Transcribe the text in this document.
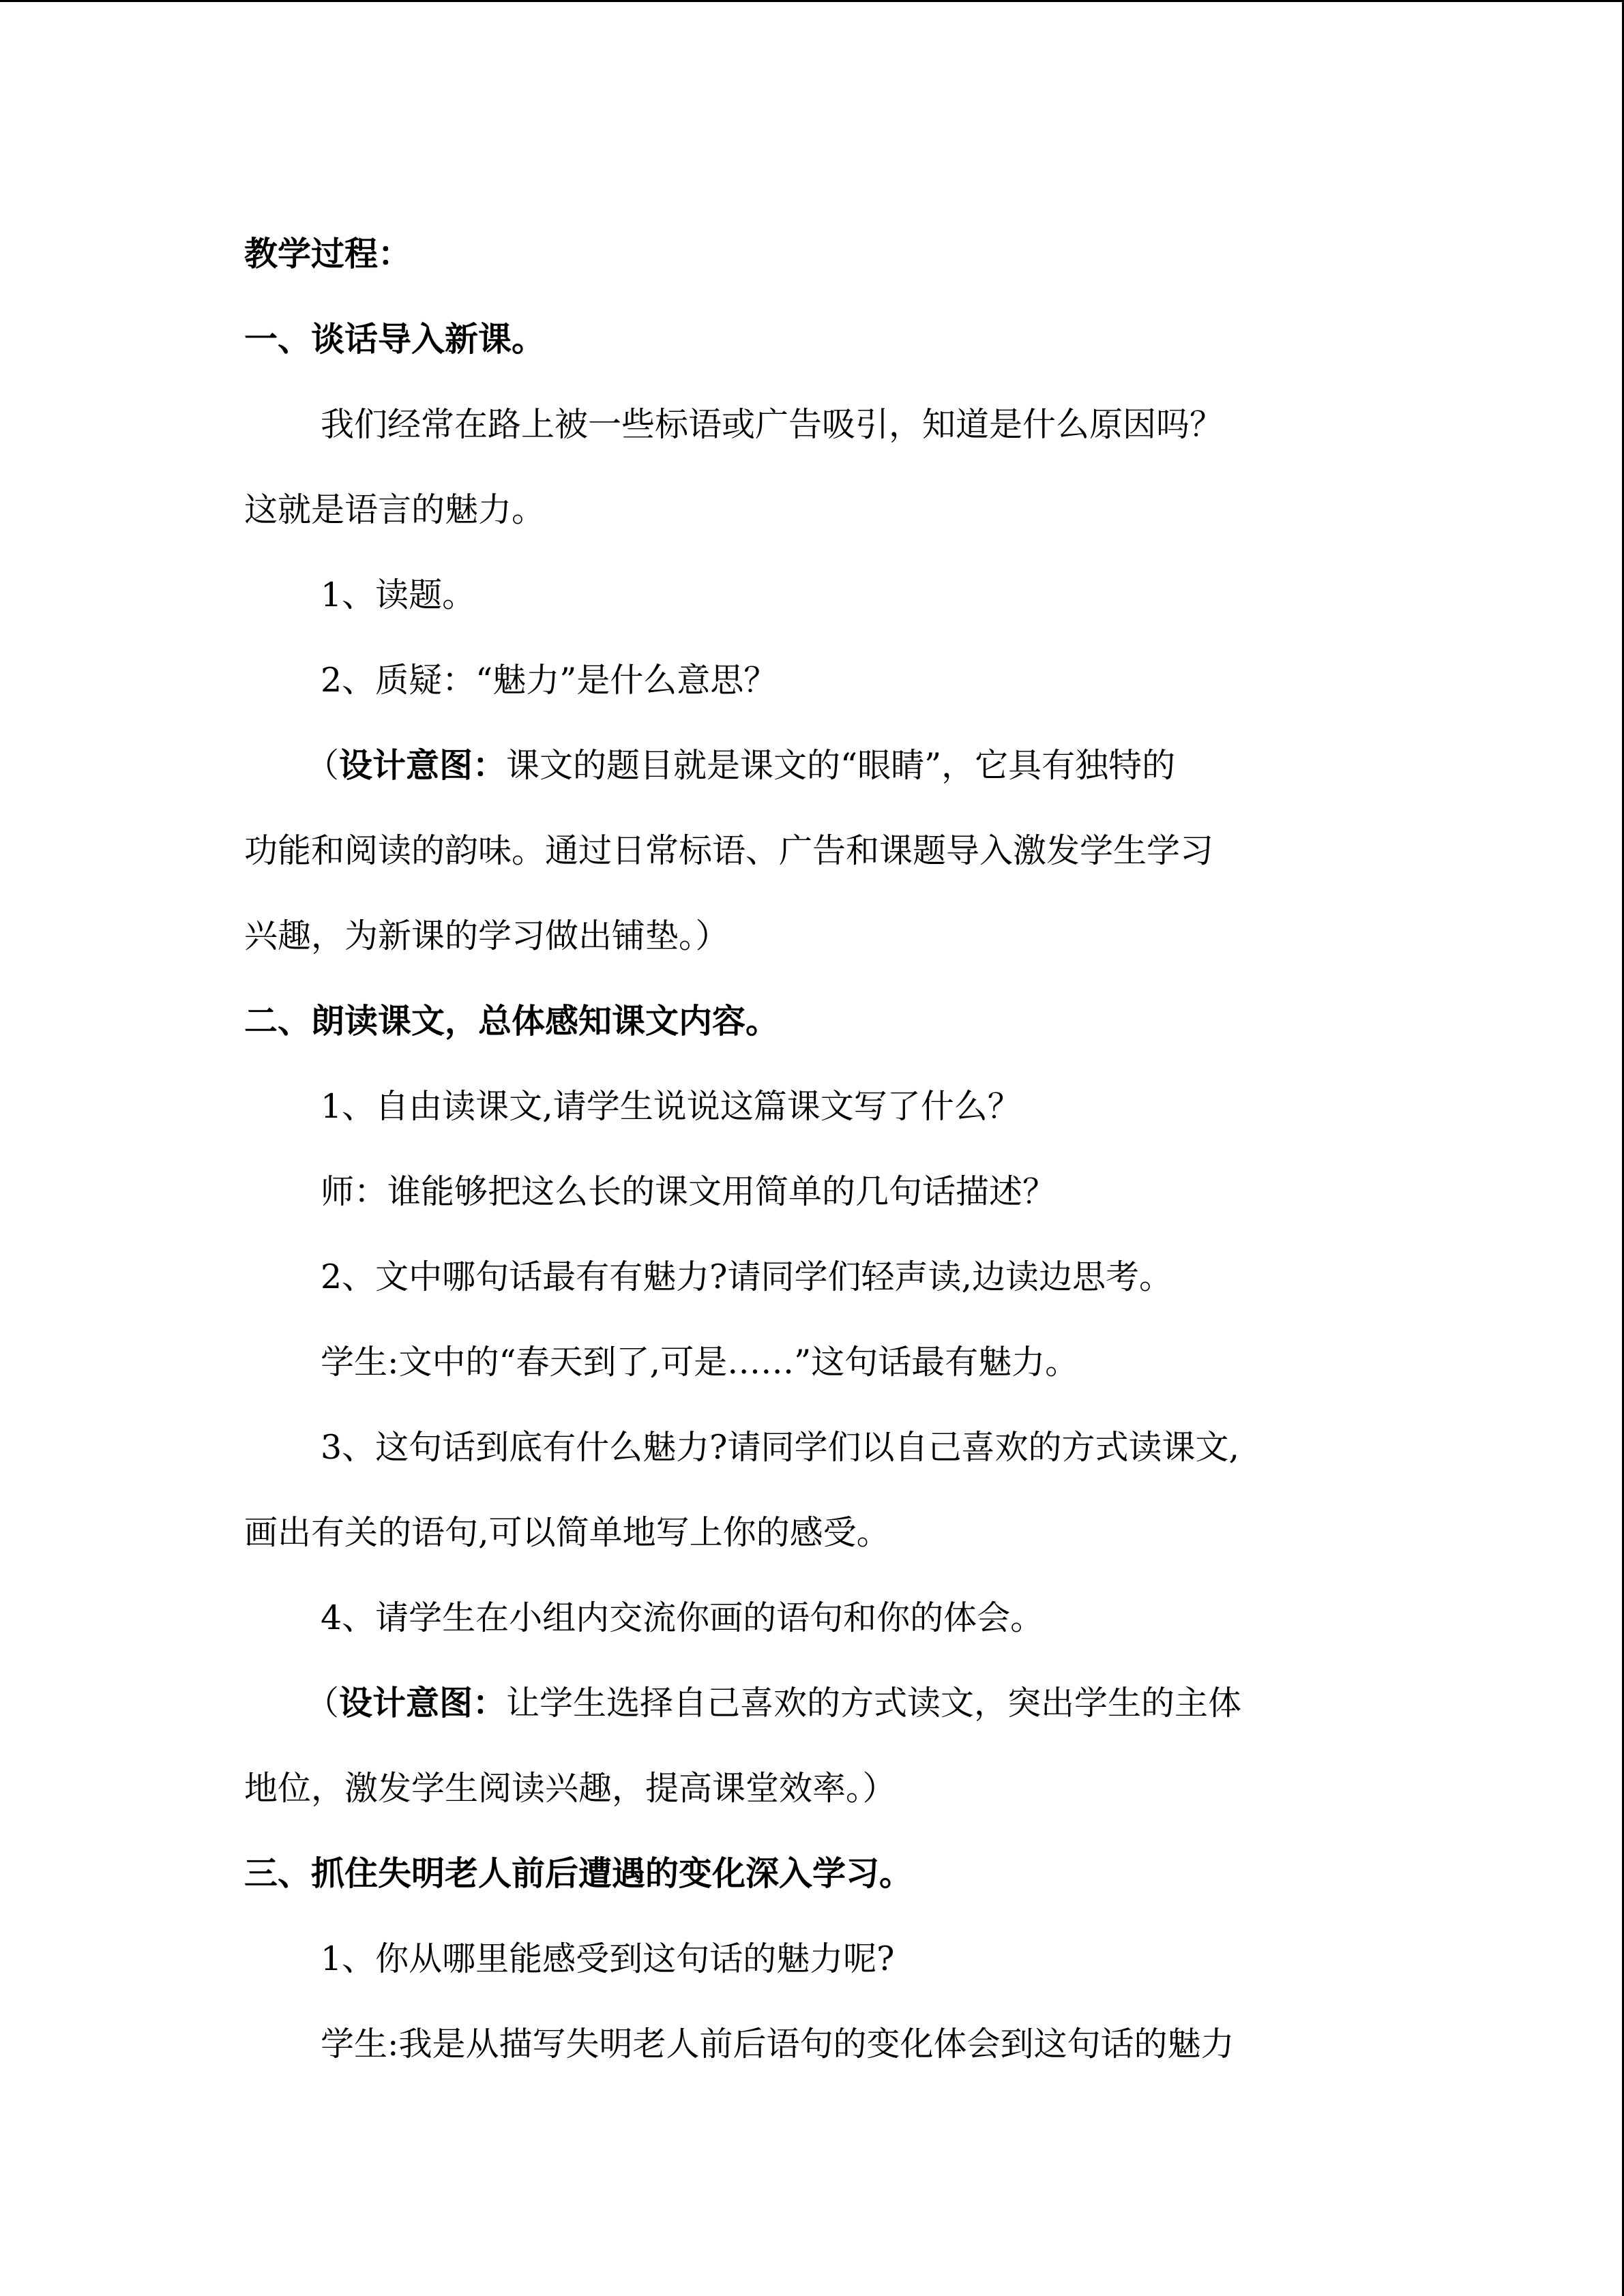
教学过程：
一、谈话导入新课。
我们经常在路上被一些标语或广告吸引，知道是什么原因吗？
这就是语言的魅力。
1、读题。
2、质疑：“魅力”是什么意思？
（设计意图：课文的题目就是课文的“眼睛”，它具有独特的
功能和阅读的韵味。通过日常标语、广告和课题导入激发学生学习
兴趣，为新课的学习做出铺垫。）
二、朗读课文，总体感知课文内容。
1、自由读课文,请学生说说这篇课文写了什么？
师：谁能够把这么长的课文用简单的几句话描述？
2、文中哪句话最有有魅力?请同学们轻声读,边读边思考。
学生:文中的“春天到了,可是……”这句话最有魅力。
3、这句话到底有什么魅力?请同学们以自己喜欢的方式读课文,
画出有关的语句,可以简单地写上你的感受。
4、请学生在小组内交流你画的语句和你的体会。
（设计意图：让学生选择自己喜欢的方式读文，突出学生的主体
地位，激发学生阅读兴趣，提高课堂效率。）
三、抓住失明老人前后遭遇的变化深入学习。
1、你从哪里能感受到这句话的魅力呢?
学生:我是从描写失明老人前后语句的变化体会到这句话的魅力
